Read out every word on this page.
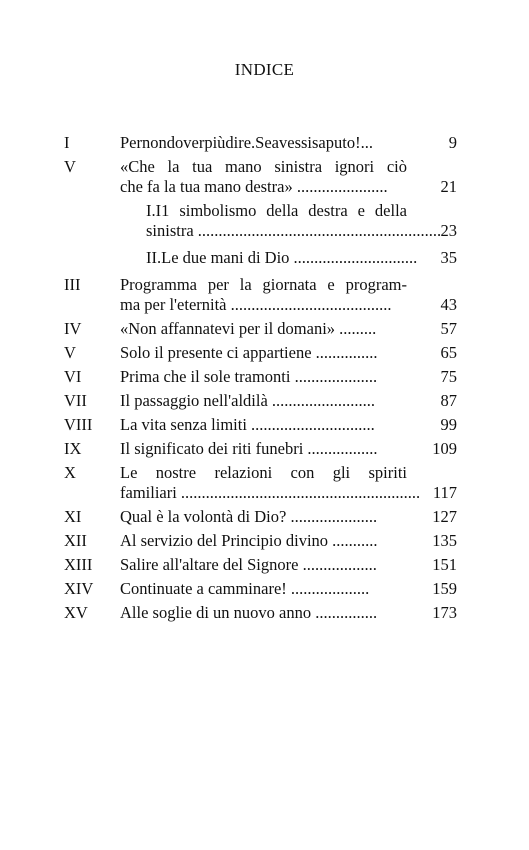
INDICE
I	Pernondoverpiùdire.Seavessisaputo!...	9
V	«Che la tua mano sinistra ignori ciò
che fa la tua mano destra» ......................	21
I.I1 simbolismo della destra e della
sinistra ........................................................... 23
II.Le due mani di Dio .............................. 35
III Programma per la giornata e program-
ma per l'eternità .......................................	43
IV «Non affannatevi per il domani» .........	57
V	Solo il presente ci appartiene ...............	65
VI Prima che il sole tramonti ....................	75
VII Il passaggio nell'aldilà .........................	87
VIII La vita senza limiti ..............................	99
IX Il significato dei riti funebri .................	109
X	Le nostre relazioni con gli spiriti
familiari .......................................................... 117
XI Qual è la volontà di Dio? .....................	127
XII Al servizio del Principio divino ...........	135
XIII Salire all'altare del Signore ..................	151
XIV Continuate a camminare! ...................	159
XV Alle soglie di un nuovo anno ...............	173
